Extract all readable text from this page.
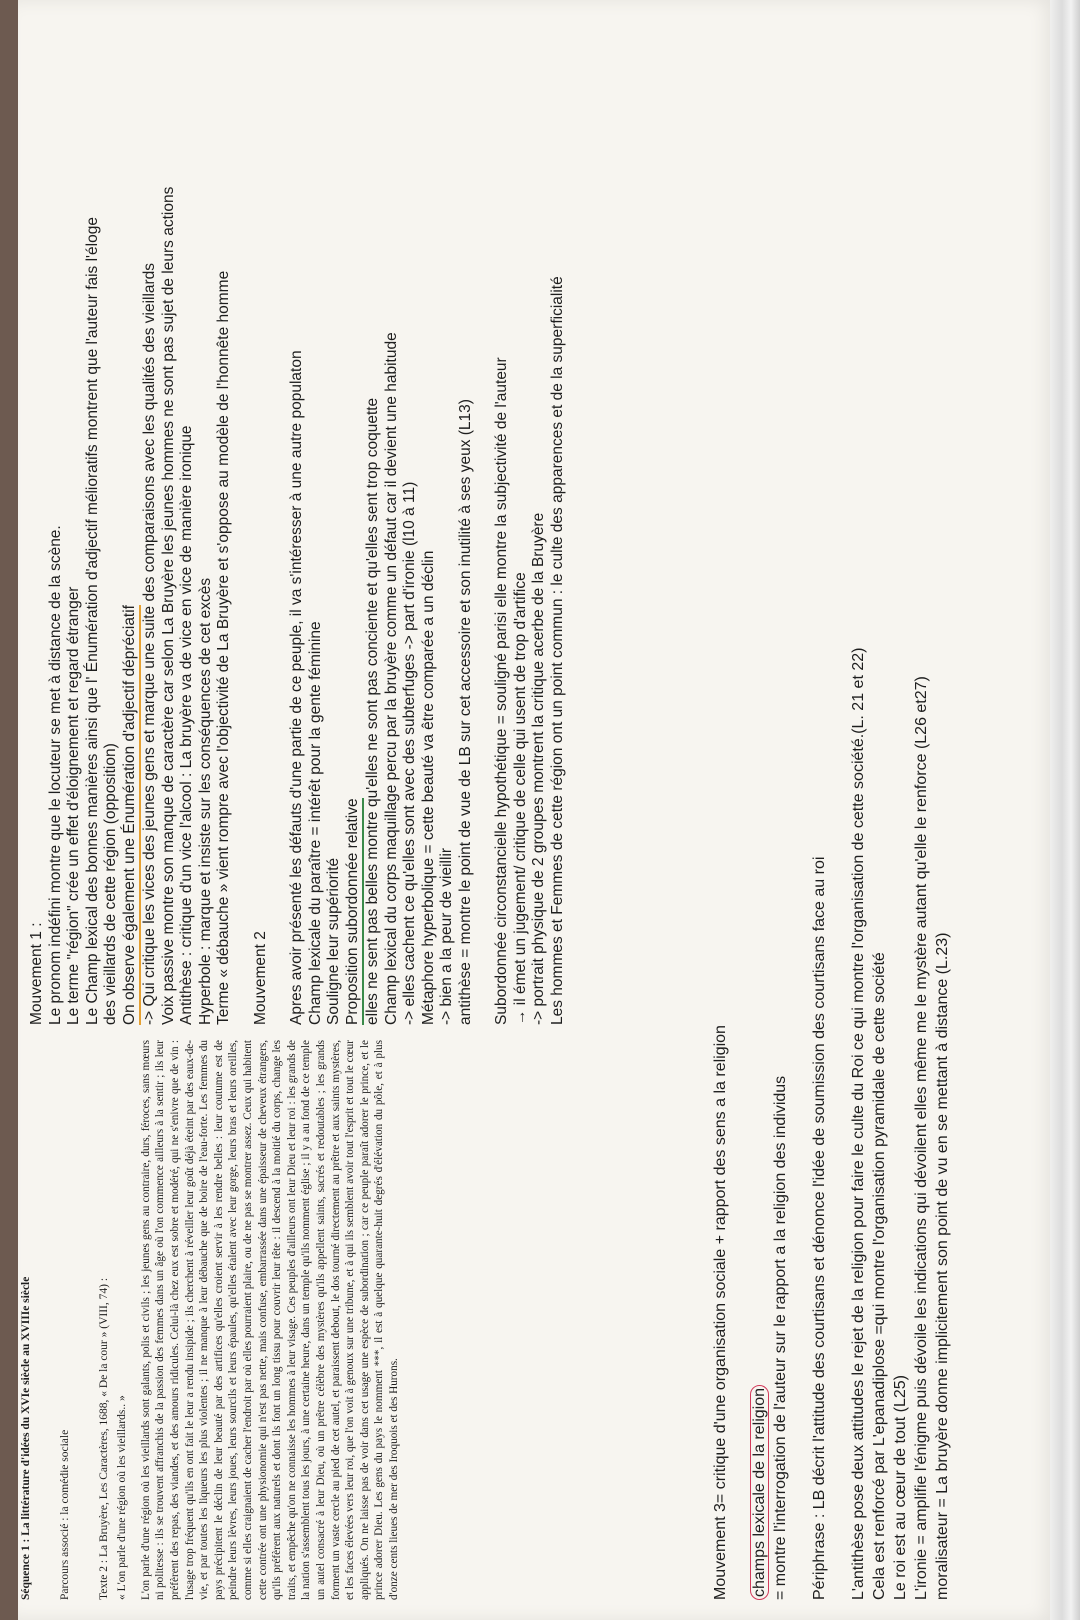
Séquence 1 : La littérature d'idées du XVIe siècle au XVIIIe siècle Parcours associé : la comédie sociale Texte 2 : La Bruyère, Les Caractères, 1688, « De la cour » (VIII, 74) : « L'on parle d'une région où les vieillards.. » L'on parle d'une région où les vieillards sont galants, polis et civils ; les jeunes gens au contraire, durs, féroces, sans mœurs ni politesse : ils se trouvent affranchis de la passion des femmes dans un âge où l'on commence ailleurs à la sentir ; ils leur préfèrent des repas, des viandes, et des amours ridicules. Celui-là chez eux est sobre et modéré, qui ne s'enivre que de vin : l'usage trop fréquent qu'ils en ont fait le leur a rendu insipide ; ils cherchent à réveiller leur goût déjà éteint par des eaux-de-vie, et par toutes les liqueurs les plus violentes ; il ne manque à leur débauche que de boire de l'eau-forte. Les femmes du pays précipitent le déclin de leur beauté par des artifices qu'elles croient servir à les rendre belles : leur coutume est de peindre leurs lèvres, leurs joues, leurs sourcils et leurs épaules, qu'elles étalent avec leur gorge, leurs bras et leurs oreilles, comme si elles craignaient de cacher l'endroit par où elles pourraient plaire, ou de ne pas se montrer assez. Ceux qui habitent cette contrée ont une physionomie qui n'est pas nette, mais confuse, embarrassée dans une épaisseur de cheveux étrangers, qu'ils préfèrent aux naturels et dont ils font un long tissu pour couvrir leur tête : il descend à la moitié du corps, change les traits, et empêche qu'on ne connaisse les hommes à leur visage. Ces peuples d'ailleurs ont leur Dieu et leur roi : les grands de la nation s'assemblent tous les jours, à une certaine heure, dans un temple qu'ils nomment église ; il y a au fond de ce temple un autel consacré à leur Dieu, où un prêtre célèbre des mystères qu'ils appellent saints, sacrés et redoutables ; les grands forment un vaste cercle au pied de cet autel, et paraissent debout, le dos tourné directement au prêtre et aux saints mystères, et les faces élevées vers leur roi, que l'on voit à genoux sur une tribune, et à qui ils semblent avoir tout l'esprit et tout le cœur appliqués. On ne laisse pas de voir dans cet usage une espèce de subordination ; car ce peuple paraît adorer le prince, et le prince adorer Dieu. Les gens du pays le nomment ***, il est à quelque quarante-huit degrés d'élévation du pôle, et à plus d'onze cents lieues de mer des Iroquois et des Hurons.

Mouvement 1 : Le pronom indéfini montre que le locuteur se met à distance de la scène. Le terme "région" crée un effet d'éloignement et regard étranger Le Champ lexical des bonnes manières ainsi que l' Énumération d'adjectif mélioratifs montrent que l'auteur fais l'éloge des vieillards de cette région (opposition) On observe également une Énumération d'adjectif dépréciatif -> Qui critique les vices des jeunes gens et marque une suite des comparaisons avec les qualités des vieillards Voix passive montre son manque de caractère car selon La Bruyère les jeunes hommes ne sont pas sujet de leurs actions Antithèse : critique d'un vice l'alcool : La bruyère va de vice en vice de manière ironique Hyperbole : marque et insiste sur les conséquences de cet excès Terme « débauche » vient rompre avec l'objectivité de La Bruyère et s'oppose au modèle de l'honnête homme Mouvement 2 Apres avoir présenté les défauts d'une partie de ce peuple, il va s'intéresser à une autre populaton Champ lexicale du paraître = intérêt pour la gente féminine Souligne leur supériorité Proposition subordonnée relative elles ne sent pas belles montre qu'elles ne sont pas conciente et qu'elles sent trop coquette Champ lexical du corps maquillage percu par la bruyère comme un défaut car il devient une habitude -> elles cachent ce qu'elles sont avec des subterfuges -> part d'ironie (l10 à 11) Métaphore hyperbolique = cette beauté va être comparée a un déclin -> bien a la peur de vieillir antithèse = montre le point de vue de LB sur cet accessoire et son inutilité à ses yeux (L13) Subordonnée circonstancielle hypothétique = souligné parisi elle montre la subjectivité de l'auteur → il émet un jugement/ critique de celle qui usent de trop d'artifice -> portrait physique de 2 groupes montrent la critique acerbe de la Bruyère Les hommes et Femmes de cette région ont un point commun : le culte des apparences et de la superficialité

Mouvement 3= critique d'une organisation sociale + rapport des sens a la religion champs lexicale de la religion = montre l'interrogation de l'auteur sur le rapport a la religion des individus Périphrase : LB décrit l'attitude des courtisans et dénonce l'idée de soumission des courtisans face au roi L'antithèse pose deux attitudes le rejet de la religion pour faire le culte du Roi ce qui montre l'organisation de cette société.(L. 21 et 22) Cela est renforcé par L'epanadiplose =qui montre l'organisation pyramidale de cette société Le roi est au cœur de tout (L25) L'ironie = amplifie l'énigme puis dévoile les indications qui dévoilent elles même me le mystère autant qu'elle le renforce (L26 et27) moralisateur = La bruyère donne implicitement son point de vu en se mettant à distance (L.23)
